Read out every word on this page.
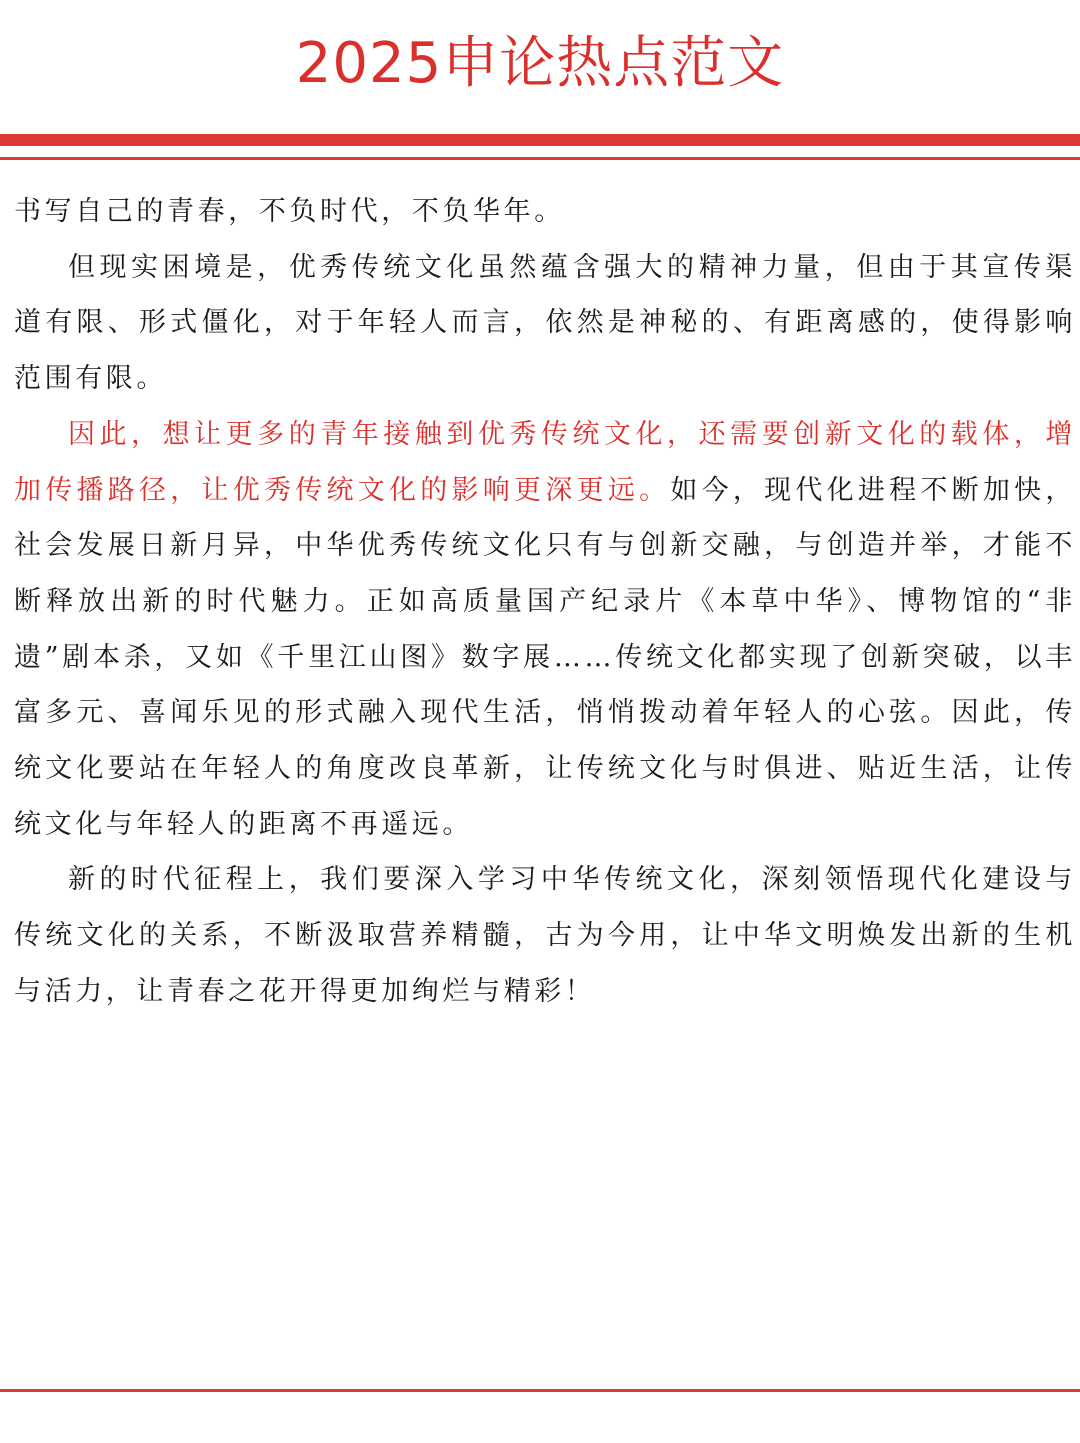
2025申论热点范文

书写自己的青春，不负时代，不负华年。

但现实困境是，优秀传统文化虽然蕴含强大的精神力量，但由于其宣传渠道有限、形式僵化，对于年轻人而言，依然是神秘的、有距离感的，使得影响范围有限。

因此，想让更多的青年接触到优秀传统文化，还需要创新文化的载体，增加传播路径，让优秀传统文化的影响更深更远。如今，现代化进程不断加快，社会发展日新月异，中华优秀传统文化只有与创新交融，与创造并举，才能不断释放出新的时代魅力。正如高质量国产纪录片《本草中华》、博物馆的“非遗”剧本杀，又如《千里江山图》数字展……传统文化都实现了创新突破，以丰富多元、喜闻乐见的形式融入现代生活，悄悄拨动着年轻人的心弦。因此，传统文化要站在年轻人的角度改良革新，让传统文化与时俱进、贴近生活，让传统文化与年轻人的距离不再遥远。

新的时代征程上，我们要深入学习中华传统文化，深刻领悟现代化建设与传统文化的关系，不断汲取营养精髓，古为今用，让中华文明焕发出新的生机与活力，让青春之花开得更加绚烂与精彩！
